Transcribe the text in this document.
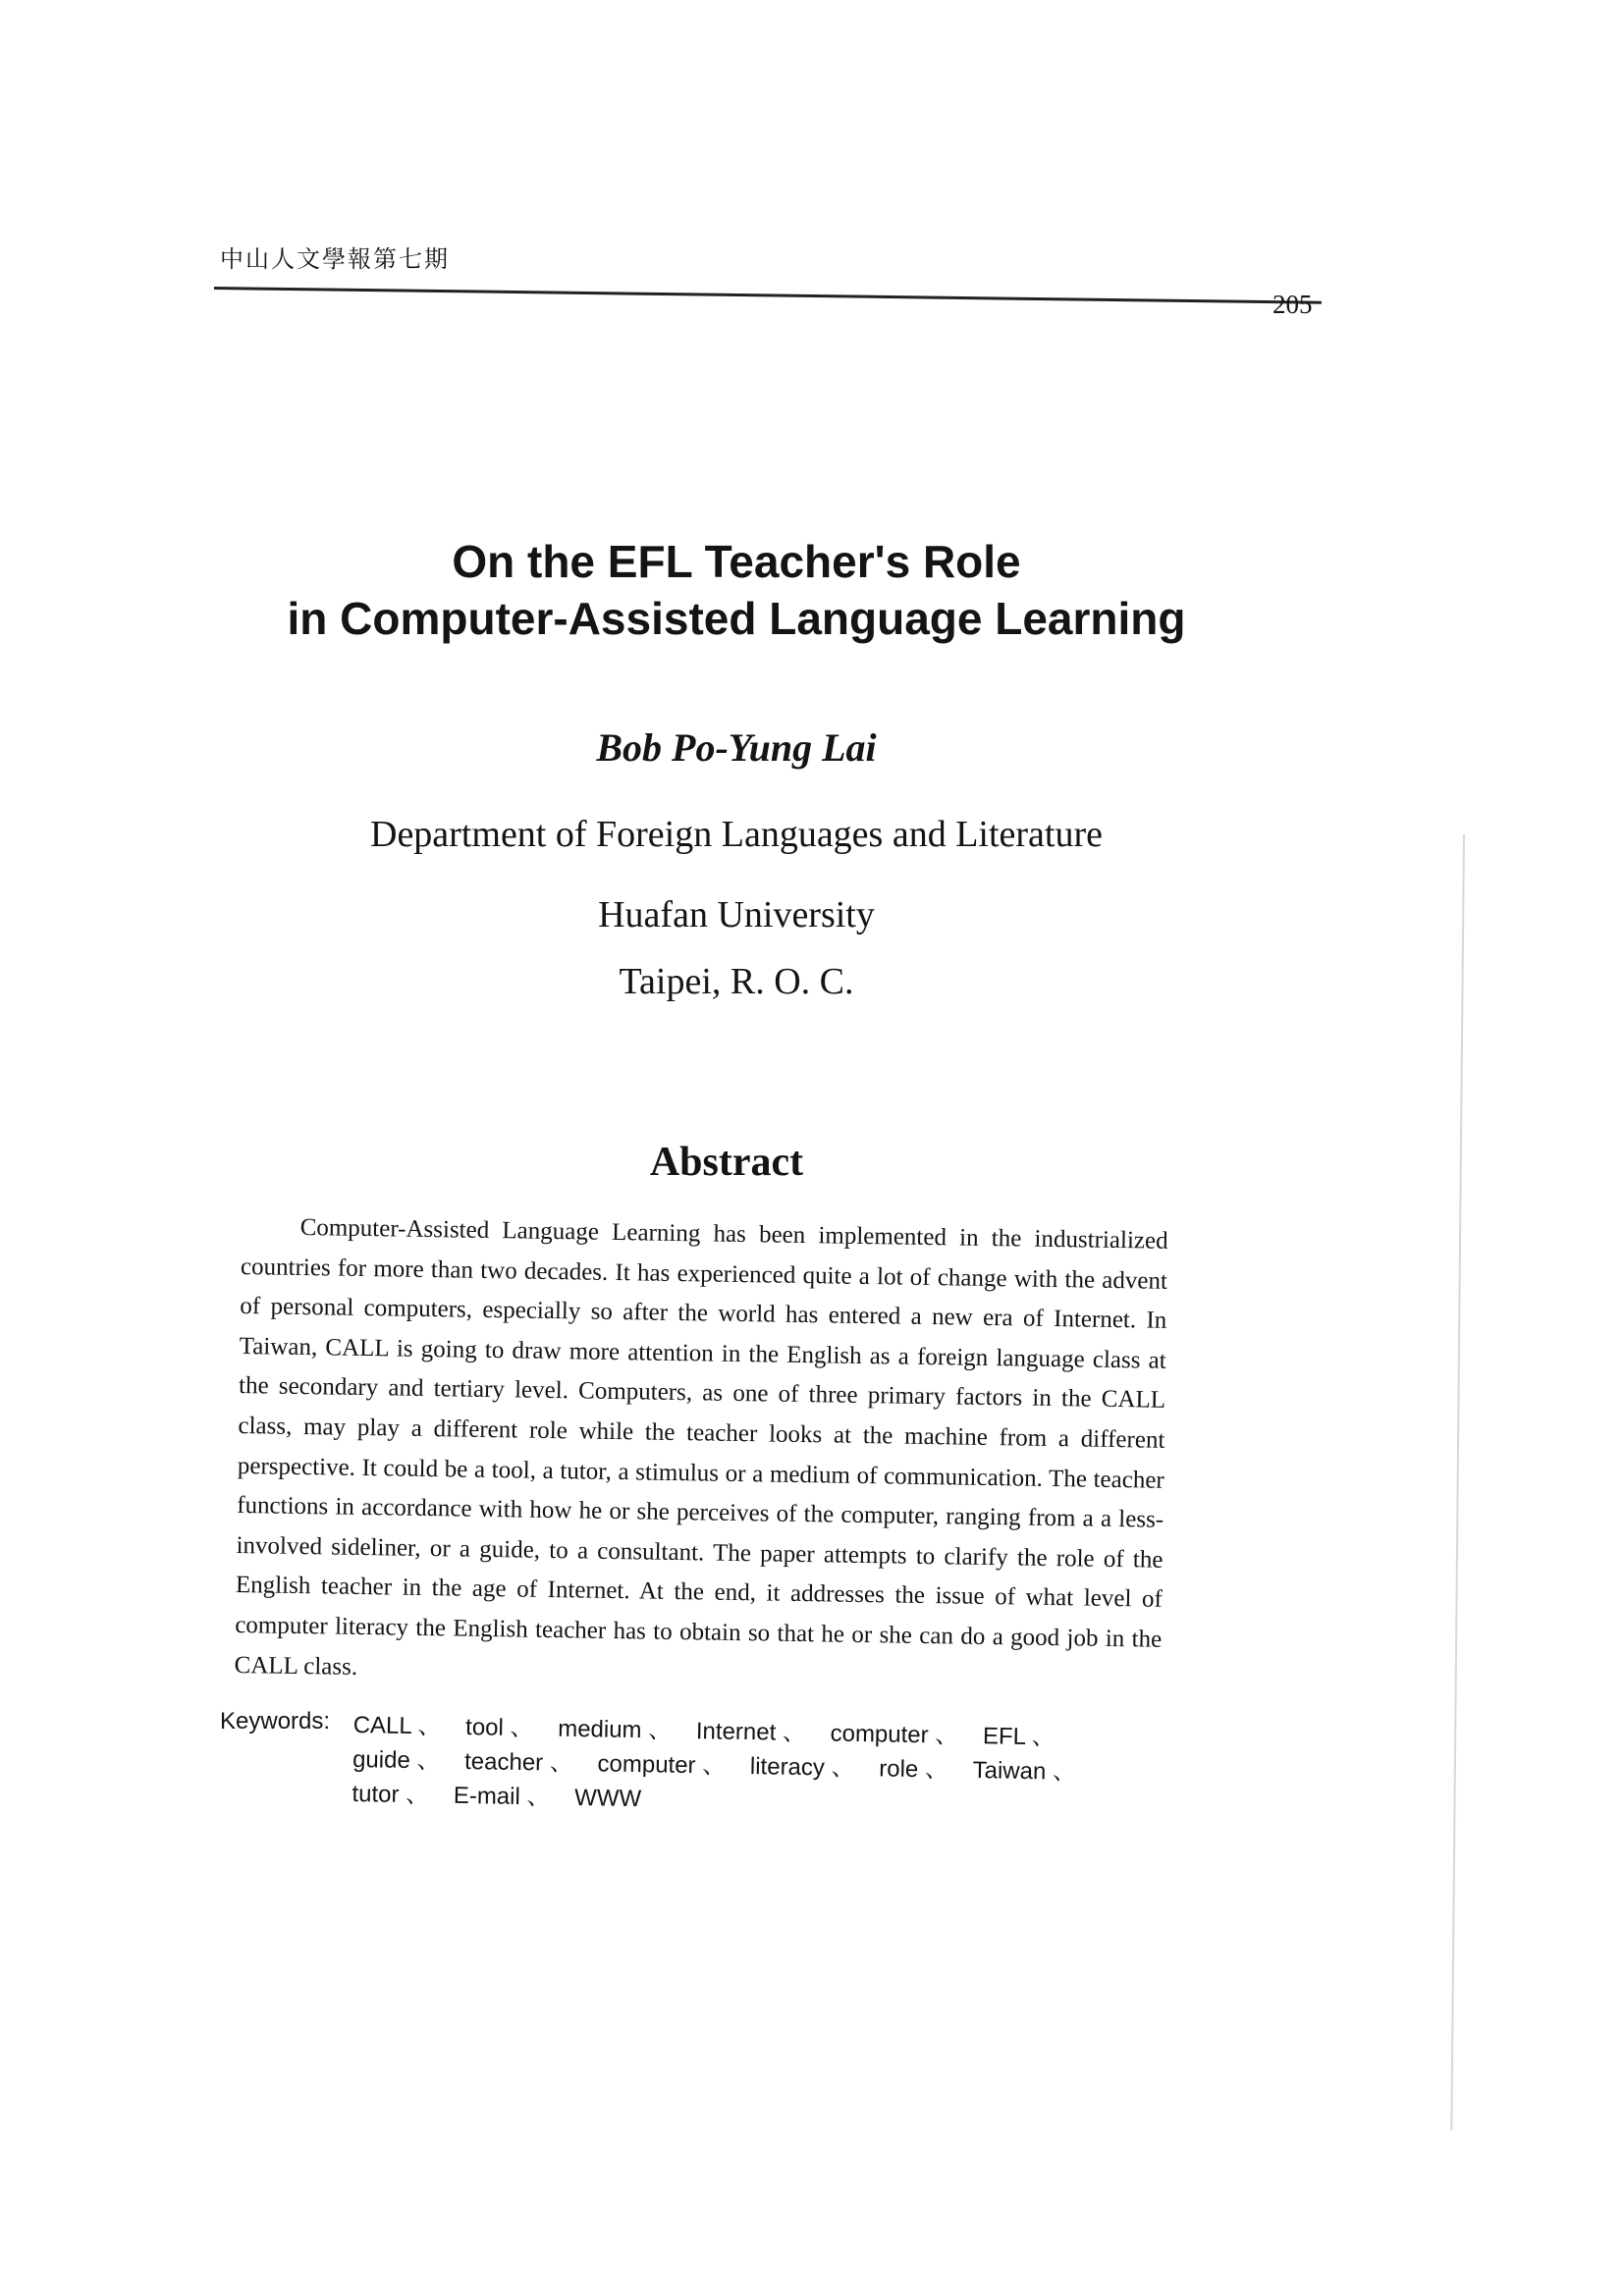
中山人文學報第七期
205
On the EFL Teacher's Role
in Computer-Assisted Language Learning
Bob Po-Yung Lai
Department of Foreign Languages and Literature
Huafan University
Taipei, R. O. C.
Abstract

Computer-Assisted Language Learning has been implemented in the industrialized countries for more than two decades. It has experienced quite a lot of change with the advent of personal computers, especially so after the world has entered a new era of Internet. In Taiwan, CALL is going to draw more attention in the English as a foreign language class at the secondary and tertiary level. Computers, as one of three primary factors in the CALL class, may play a different role while the teacher looks at the machine from a different perspective. It could be a tool, a tutor, a stimulus or a medium of communication. The teacher functions in accordance with how he or she perceives of the computer, ranging from a a less-involved sideliner, or a guide, to a consultant. The paper attempts to clarify the role of the English teacher in the age of Internet. At the end, it addresses the issue of what level of computer literacy the English teacher has to obtain so that he or she can do a good job in the CALL class.

Keywords: CALL 、 tool 、 medium 、 Internet 、 computer 、 EFL 、 guide 、 teacher 、 computer 、 literacy 、 role 、 Taiwan 、 tutor 、 E-mail 、 WWW
